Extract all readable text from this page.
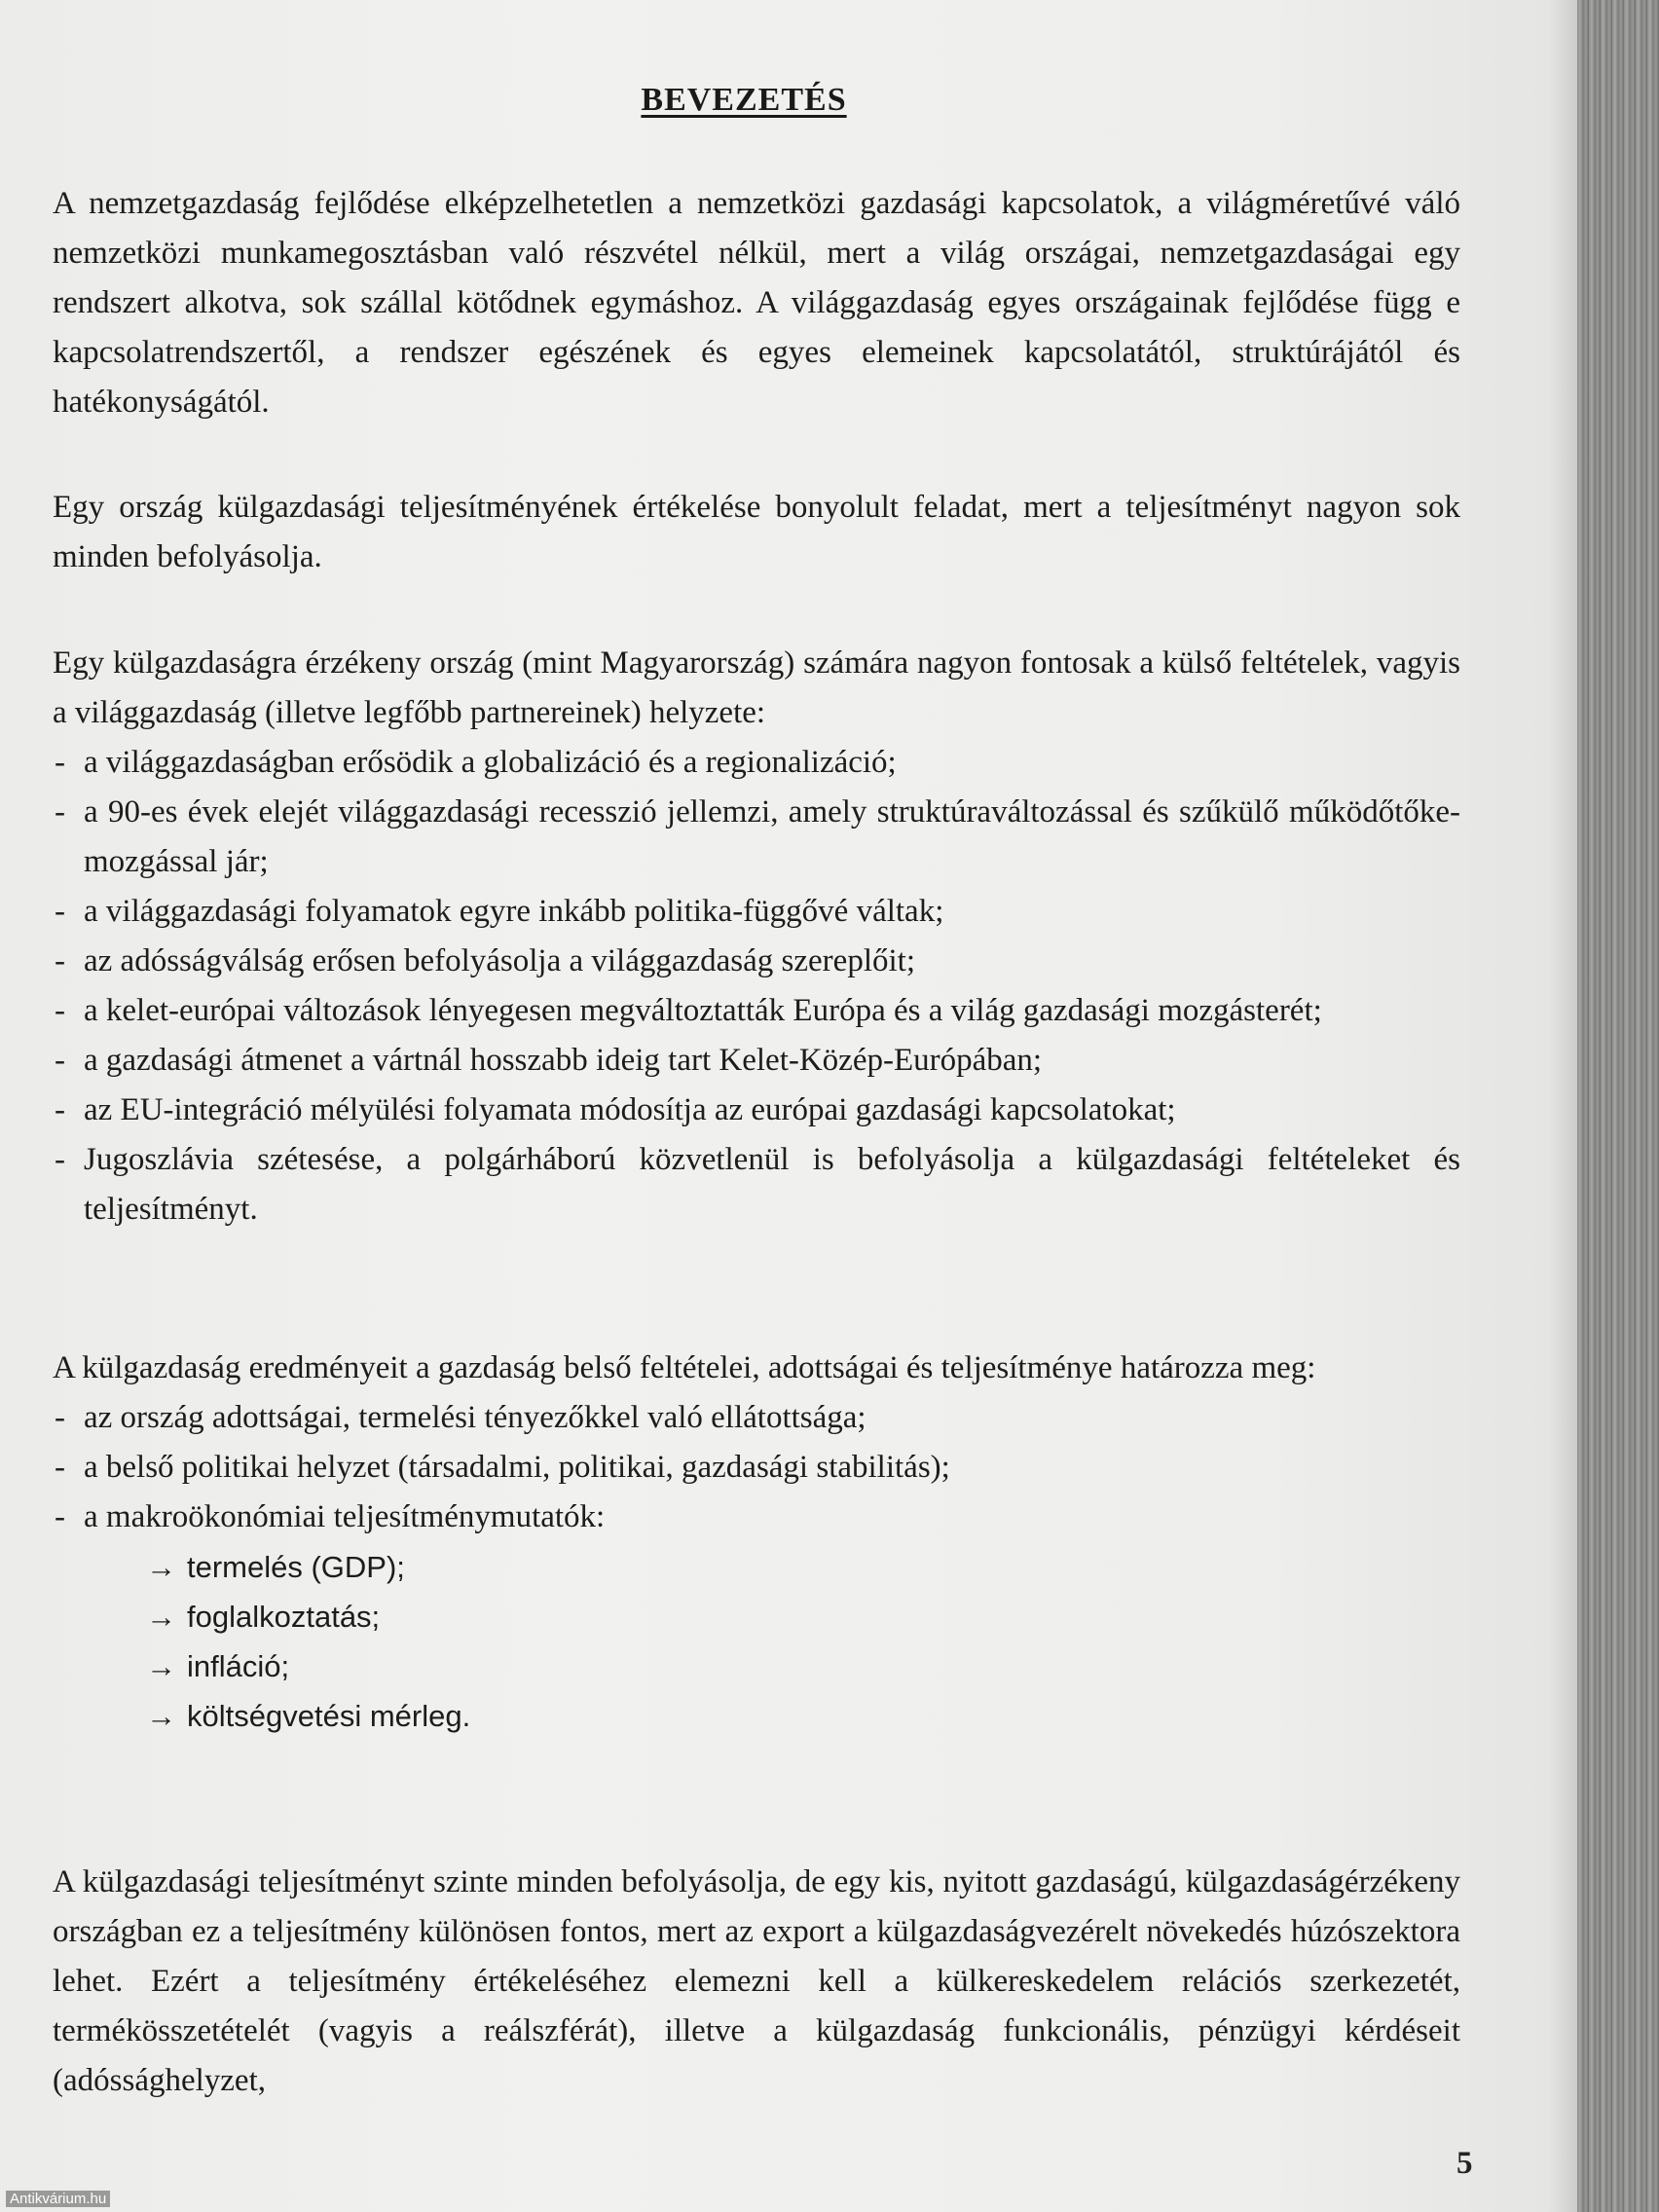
BEVEZETÉS

A nemzetgazdaság fejlődése elképzelhetetlen a nemzetközi gazdasági kapcsolatok, a világméretűvé váló nemzetközi munkamegosztásban való részvétel nélkül, mert a világ országai, nemzetgazdaságai egy rendszert alkotva, sok szállal kötődnek egymáshoz. A világgazdaság egyes országainak fejlődése függ e kapcsolatrendszertől, a rendszer egészének és egyes elemeinek kapcsolatától, struktúrájától és hatékonyságától.

Egy ország külgazdasági teljesítményének értékelése bonyolult feladat, mert a teljesítményt nagyon sok minden befolyásolja.

Egy külgazdaságra érzékeny ország (mint Magyarország) számára nagyon fontosak a külső feltételek, vagyis a világgazdaság (illetve legfőbb partnereinek) helyzete:

- a világgazdaságban erősödik a globalizáció és a regionalizáció;
- a 90-es évek elejét világgazdasági recesszió jellemzi, amely struktúraváltozással és szűkülő működőtőke-mozgással jár;
- a világgazdasági folyamatok egyre inkább politika-függővé váltak;
- az adósságválság erősen befolyásolja a világgazdaság szereplőit;
- a kelet-európai változások lényegesen megváltoztatták Európa és a világ gazdasági mozgásterét;
- a gazdasági átmenet a vártnál hosszabb ideig tart Kelet-Közép-Európában;
- az EU-integráció mélyülési folyamata módosítja az európai gazdasági kapcsolatokat;
- Jugoszlávia szétesése, a polgárháború közvetlenül is befolyásolja a külgazdasági feltételeket és teljesítményt.

A külgazdaság eredményeit a gazdaság belső feltételei, adottságai és teljesítménye határozza meg:

- az ország adottságai, termelési tényezőkkel való ellátottsága;
- a belső politikai helyzet (társadalmi, politikai, gazdasági stabilitás);
- a makroökonómiai teljesítménymutatók:
→ termelés (GDP);
→ foglalkoztatás;
→ infláció;
→ költségvetési mérleg.

A külgazdasági teljesítményt szinte minden befolyásolja, de egy kis, nyitott gazdaságú, külgazdaságérzékeny országban ez a teljesítmény különösen fontos, mert az export a külgazdaságvezérelt növekedés húzószektora lehet. Ezért a teljesítmény értékeléséhez elemezni kell a külkereskedelem relációs szerkezetét, termékösszetételét (vagyis a reálszférát), illetve a külgazdaság funkcionális, pénzügyi kérdéseit (adóssághelyzet,

5
Antikvárium.hu
